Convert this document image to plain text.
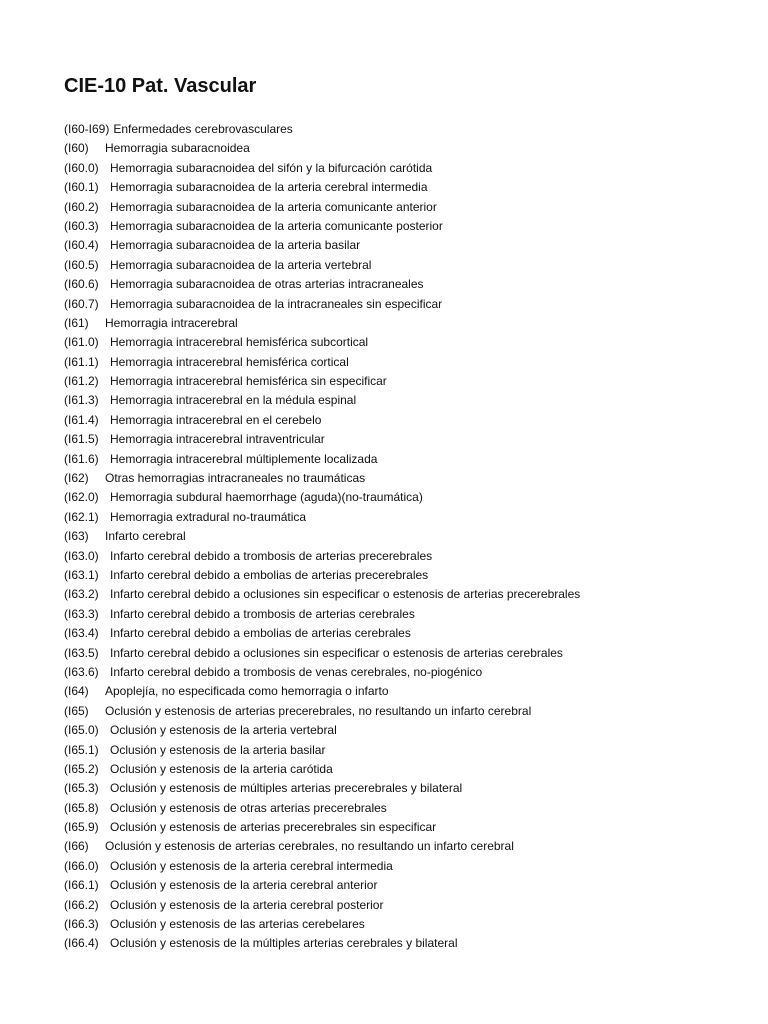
CIE-10 Pat. Vascular
(I60-I69) Enfermedades cerebrovasculares
(I60)	Hemorragia subaracnoidea
(I60.0) Hemorragia subaracnoidea del sifón y la bifurcación carótida
(I60.1) Hemorragia subaracnoidea de la arteria cerebral intermedia
(I60.2) Hemorragia subaracnoidea de la arteria comunicante anterior
(I60.3) Hemorragia subaracnoidea de la arteria comunicante posterior
(I60.4) Hemorragia subaracnoidea de la arteria basilar
(I60.5) Hemorragia subaracnoidea de la arteria vertebral
(I60.6) Hemorragia subaracnoidea de otras arterias intracraneales
(I60.7) Hemorragia subaracnoidea de la intracraneales sin especificar
(I61)	Hemorragia intracerebral
(I61.0) Hemorragia intracerebral hemisférica subcortical
(I61.1) Hemorragia intracerebral hemisférica cortical
(I61.2) Hemorragia intracerebral hemisférica sin especificar
(I61.3) Hemorragia intracerebral en la médula espinal
(I61.4) Hemorragia intracerebral en el cerebelo
(I61.5) Hemorragia intracerebral intraventricular
(I61.6) Hemorragia intracerebral múltiplemente localizada
(I62)	Otras hemorragias intracraneales no traumáticas
(I62.0) Hemorragia subdural haemorrhage (aguda)(no-traumática)
(I62.1) Hemorragia extradural no-traumática
(I63)	Infarto cerebral
(I63.0) Infarto cerebral debido a trombosis de arterias precerebrales
(I63.1) Infarto cerebral debido a embolias de arterias precerebrales
(I63.2) Infarto cerebral debido a oclusiones sin especificar o estenosis de arterias precerebrales
(I63.3) Infarto cerebral debido a trombosis de arterias cerebrales
(I63.4) Infarto cerebral debido a embolias de arterias cerebrales
(I63.5) Infarto cerebral debido a oclusiones sin especificar o estenosis de arterias cerebrales
(I63.6) Infarto cerebral debido a trombosis de venas cerebrales, no-piogénico
(I64)	Apoplejía, no especificada como hemorragia o infarto
(I65)	Oclusión y estenosis de arterias precerebrales, no resultando un infarto cerebral
(I65.0) Oclusión y estenosis de la arteria vertebral
(I65.1) Oclusión y estenosis de la arteria basilar
(I65.2) Oclusión y estenosis de la arteria carótida
(I65.3) Oclusión y estenosis de múltiples arterias precerebrales y bilateral
(I65.8) Oclusión y estenosis de otras arterias precerebrales
(I65.9) Oclusión y estenosis de arterias precerebrales sin especificar
(I66)	Oclusión y estenosis de arterias cerebrales, no resultando un infarto cerebral
(I66.0) Oclusión y estenosis de la arteria cerebral intermedia
(I66.1) Oclusión y estenosis de la arteria cerebral anterior
(I66.2) Oclusión y estenosis de la arteria cerebral posterior
(I66.3) Oclusión y estenosis de las arterias cerebelares
(I66.4) Oclusión y estenosis de la múltiples arterias cerebrales y bilateral
